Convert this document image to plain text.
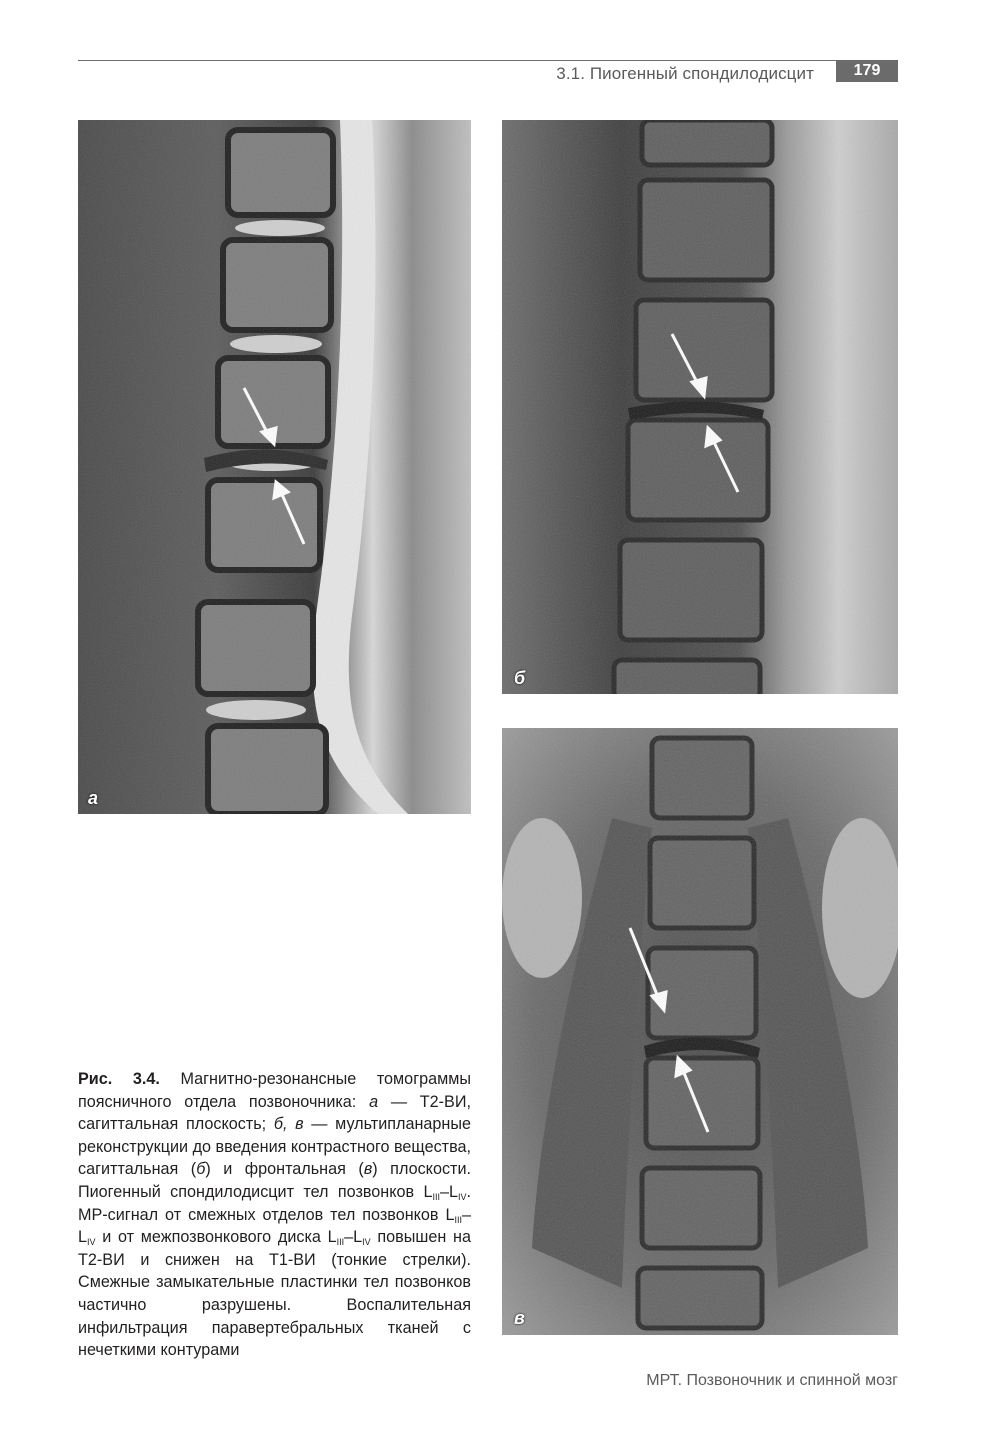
3.1. Пиогенный спондилодисцит	179
а
б
в

Рис. 3.4. Магнитно-резонансные томограммы поясничного отдела позвоночника: а — Т2-ВИ, сагиттальная плоскость; б, в — мультипланарные реконструкции до введения контрастного вещества, сагиттальная (б) и фронтальная (в) плоскости. Пиогенный спондилодисцит тел позвонков $L_{III}-L_{IV}$. МР-сигнал от смежных отделов тел позвонков $L_{III}-L_{IV}$ и от межпозвонкового диска $L_{III}-L_{IV}$ повышен на Т2-ВИ и снижен на Т1-ВИ (тонкие стрелки). Смежные замыкательные пластинки тел позвонков частично разрушены. Воспалительная инфильтрация паравертебральных тканей с нечеткими контурами

МРТ. Позвоночник и спинной мозг
